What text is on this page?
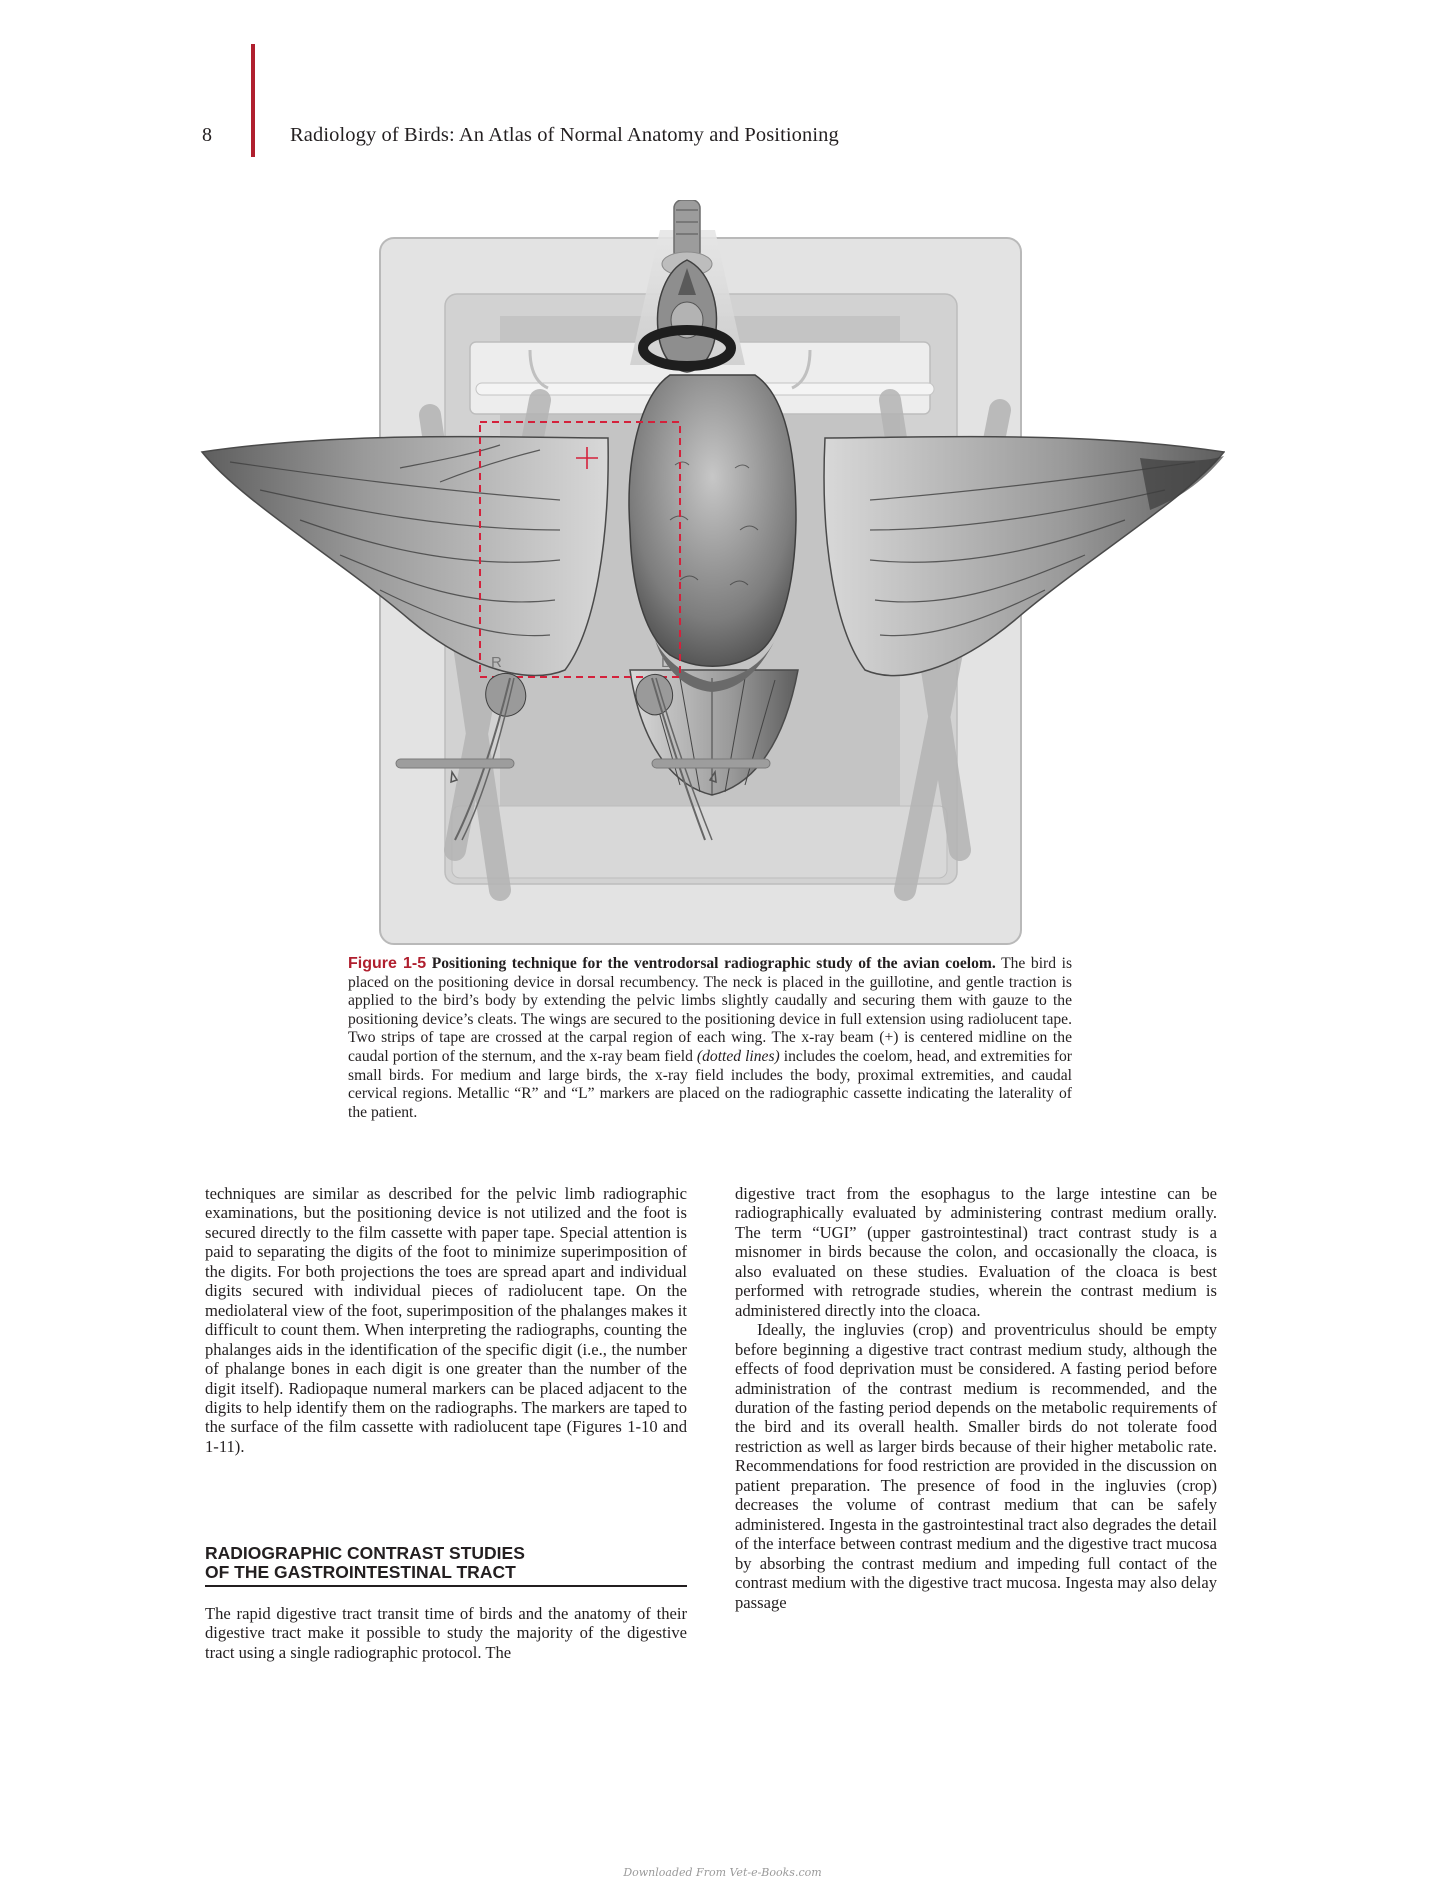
8	Radiology of Birds: An Atlas of Normal Anatomy and Positioning
R	L
Figure 1-5 Positioning technique for the ventrodorsal radiographic study of the avian coelom. The bird is placed on the positioning device in dorsal recumbency. The neck is placed in the guillotine, and gentle traction is applied to the bird’s body by extending the pelvic limbs slightly caudally and securing them with gauze to the positioning device’s cleats. The wings are secured to the positioning device in full extension using radiolucent tape. Two strips of tape are crossed at the carpal region of each wing. The x-ray beam (+) is centered midline on the caudal portion of the sternum, and the x-ray beam field (dotted lines) includes the coelom, head, and extremities for small birds. For medium and large birds, the x-ray field includes the body, proximal extremities, and caudal cervical regions. Metallic “R” and “L” markers are placed on the radiographic cassette indicating the laterality of the patient.

techniques are similar as described for the pelvic limb radiographic examinations, but the positioning device is not utilized and the foot is secured directly to the film cassette with paper tape. Special attention is paid to separating the digits of the foot to minimize superimposition of the digits. For both projections the toes are spread apart and individual digits secured with individual pieces of radiolucent tape. On the mediolateral view of the foot, superimposition of the phalanges makes it difficult to count them. When interpreting the radiographs, counting the phalanges aids in the identification of the specific digit (i.e., the number of phalange bones in each digit is one greater than the number of the digit itself). Radiopaque numeral markers can be placed adjacent to the digits to help identify them on the radiographs. The markers are taped to the surface of the film cassette with radiolucent tape (Figures 1-10 and 1-11).

RADIOGRAPHIC CONTRAST STUDIES
OF THE GASTROINTESTINAL TRACT

The rapid digestive tract transit time of birds and the anatomy of their digestive tract make it possible to study the majority of the digestive tract using a single radiographic protocol. The

digestive tract from the esophagus to the large intestine can be radiographically evaluated by administering contrast medium orally. The term “UGI” (upper gastrointestinal) tract contrast study is a misnomer in birds because the colon, and occasionally the cloaca, is also evaluated on these studies. Evaluation of the cloaca is best performed with retrograde studies, wherein the contrast medium is administered directly into the cloaca.

Ideally, the ingluvies (crop) and proventriculus should be empty before beginning a digestive tract contrast medium study, although the effects of food deprivation must be considered. A fasting period before administration of the contrast medium is recommended, and the duration of the fasting period depends on the metabolic requirements of the bird and its overall health. Smaller birds do not tolerate food restriction as well as larger birds because of their higher metabolic rate. Recommendations for food restriction are provided in the discussion on patient preparation. The presence of food in the ingluvies (crop) decreases the volume of contrast medium that can be safely administered. Ingesta in the gastrointestinal tract also degrades the detail of the interface between contrast medium and the digestive tract mucosa by absorbing the contrast medium and impeding full contact of the contrast medium with the digestive tract mucosa. Ingesta may also delay passage

Downloaded From Vet-e-Books.com
